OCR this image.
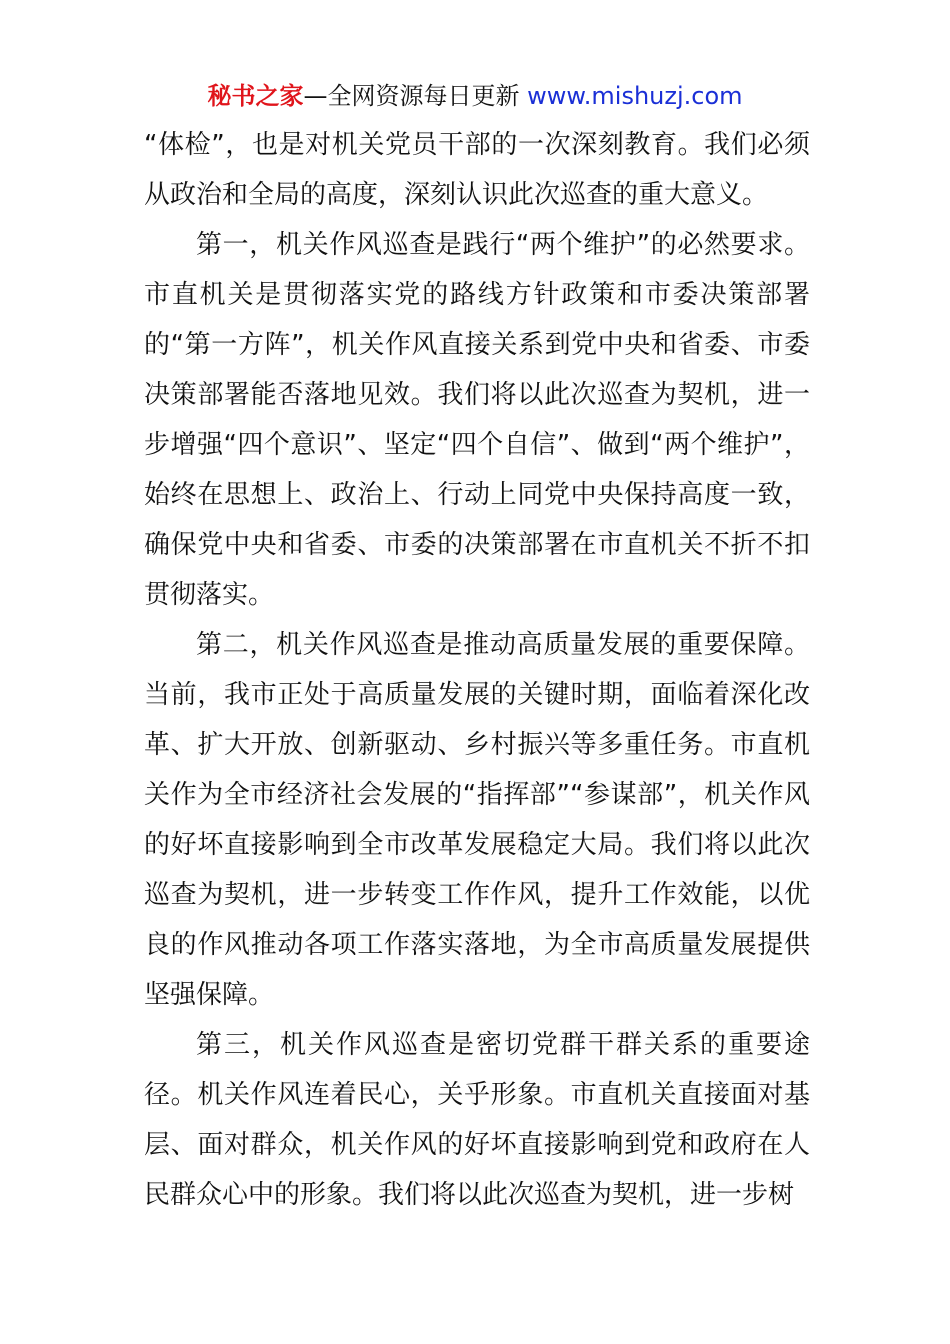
秘书之家—全网资源每日更新 www.mishuzj.com

“体检”，也是对机关党员干部的一次深刻教育。我们必须从政治和全局的高度，深刻认识此次巡查的重大意义。

第一，机关作风巡查是践行“两个维护”的必然要求。市直机关是贯彻落实党的路线方针政策和市委决策部署的“第一方阵”，机关作风直接关系到党中央和省委、市委决策部署能否落地见效。我们将以此次巡查为契机，进一步增强“四个意识”、坚定“四个自信”、做到“两个维护”，始终在思想上、政治上、行动上同党中央保持高度一致，确保党中央和省委、市委的决策部署在市直机关不折不扣贯彻落实。

第二，机关作风巡查是推动高质量发展的重要保障。当前，我市正处于高质量发展的关键时期，面临着深化改革、扩大开放、创新驱动、乡村振兴等多重任务。市直机关作为全市经济社会发展的“指挥部”“参谋部”，机关作风的好坏直接影响到全市改革发展稳定大局。我们将以此次巡查为契机，进一步转变工作作风，提升工作效能，以优良的作风推动各项工作落实落地，为全市高质量发展提供坚强保障。

第三，机关作风巡查是密切党群干群关系的重要途径。机关作风连着民心，关乎形象。市直机关直接面对基层、面对群众，机关作风的好坏直接影响到党和政府在人民群众心中的形象。我们将以此次巡查为契机，进一步树
